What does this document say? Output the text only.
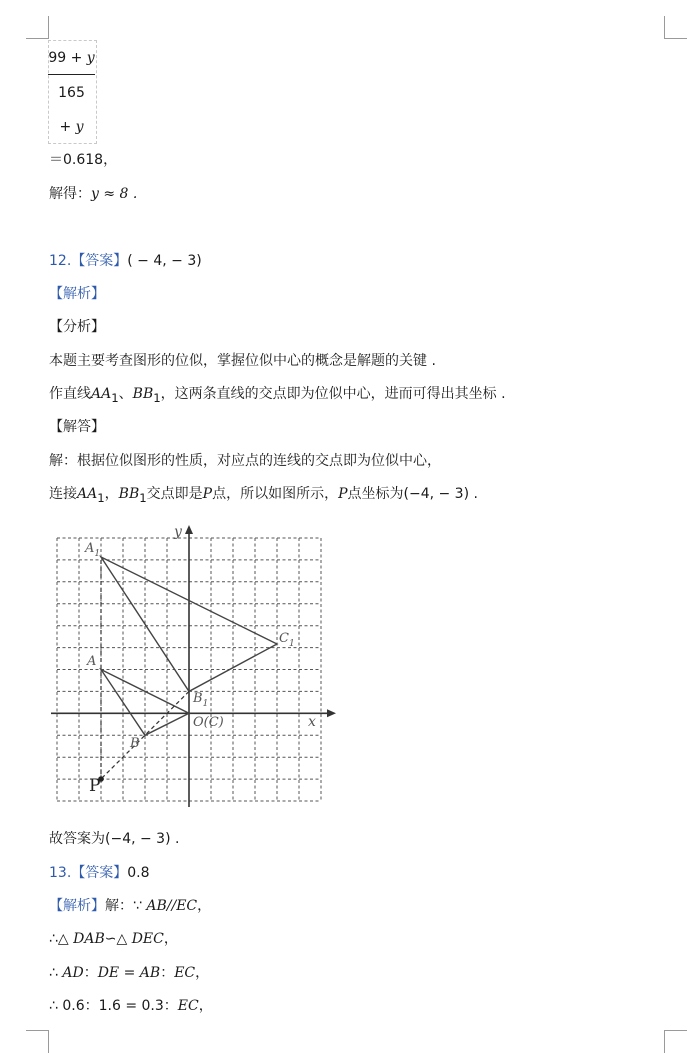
99 + y
165
+ y
＝0.618，
解得：y ≈ 8 .
12.【答案】( − 4, − 3)
【解析】
【分析】
本题主要考查图形的位似，掌握位似中心的概念是解题的关键 .
作直线$AA_1$、$BB_1$，这两条直线的交点即为位似中心，进而可得出其坐标 .
【解答】
解：根据位似图形的性质，对应点的连线的交点即为位似中心，
连接$AA_1$，$BB_1$交点即是P点，所以如图所示，P点坐标为(−4, − 3) .
x
y
$A_1$
A
B
$B_1$
$C_1$
O(C)
P
故答案为(−4, − 3) .
13.【答案】0.8
【解析】解：∵ AB//EC，
∴△ DAB∽△ DEC，
∴ AD：DE = AB：EC，
∴ 0.6：1.6 = 0.3：EC，
